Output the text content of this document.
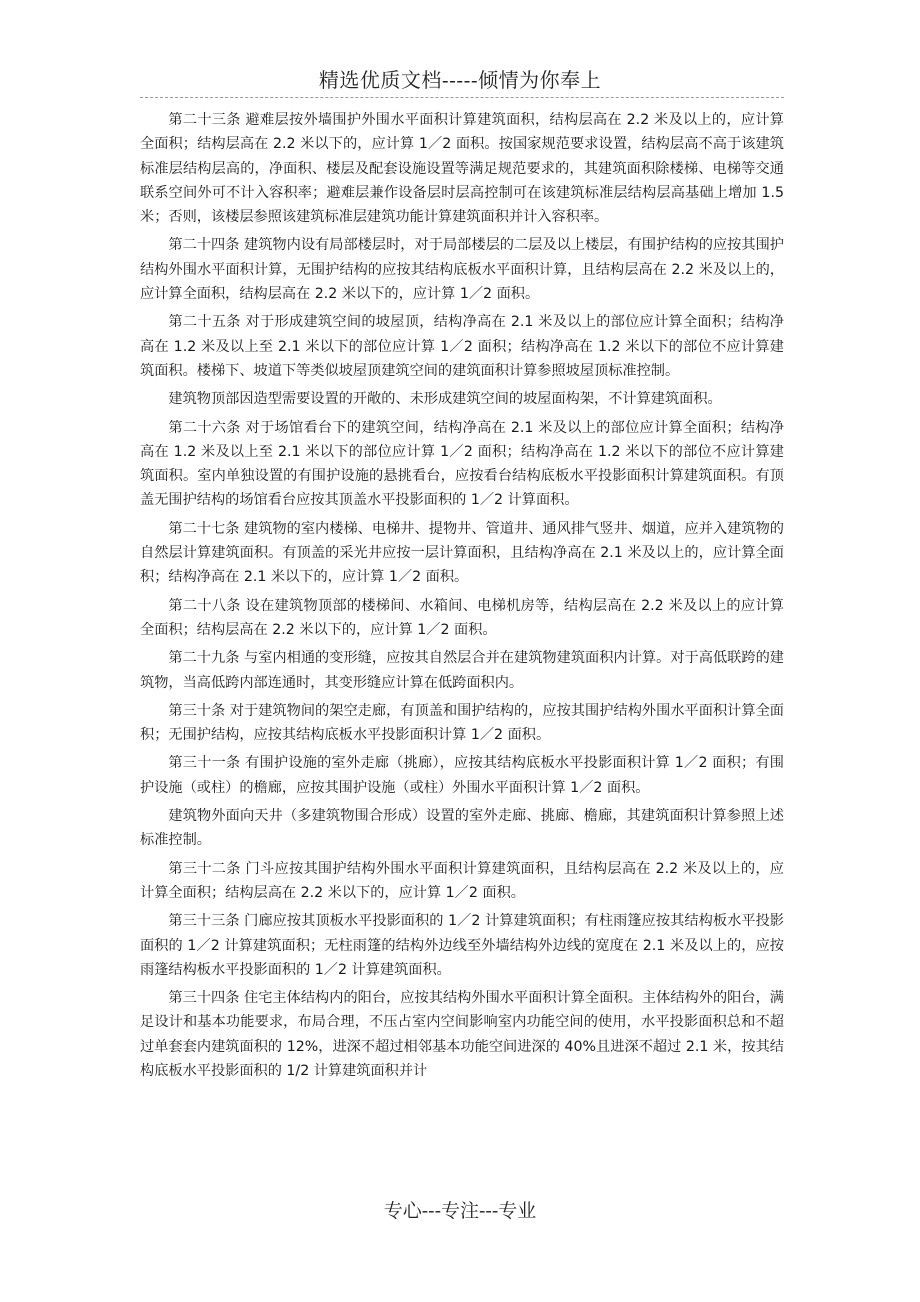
精选优质文档-----倾情为你奉上

第二十三条 避难层按外墙围护外围水平面积计算建筑面积，结构层高在 2.2 米及以上的，应计算全面积；结构层高在 2.2 米以下的，应计算 1／2 面积。按国家规范要求设置，结构层高不高于该建筑标准层结构层高的，净面积、楼层及配套设施设置等满足规范要求的，其建筑面积除楼梯、电梯等交通联系空间外可不计入容积率；避难层兼作设备层时层高控制可在该建筑标准层结构层高基础上增加 1.5 米；否则，该楼层参照该建筑标准层建筑功能计算建筑面积并计入容积率。

第二十四条 建筑物内设有局部楼层时，对于局部楼层的二层及以上楼层，有围护结构的应按其围护结构外围水平面积计算，无围护结构的应按其结构底板水平面积计算，且结构层高在 2.2 米及以上的，应计算全面积，结构层高在 2.2 米以下的，应计算 1／2 面积。

第二十五条 对于形成建筑空间的坡屋顶，结构净高在 2.1 米及以上的部位应计算全面积；结构净高在 1.2 米及以上至 2.1 米以下的部位应计算 1／2 面积；结构净高在 1.2 米以下的部位不应计算建筑面积。楼梯下、坡道下等类似坡屋顶建筑空间的建筑面积计算参照坡屋顶标准控制。

建筑物顶部因造型需要设置的开敞的、未形成建筑空间的坡屋面构架，不计算建筑面积。

第二十六条 对于场馆看台下的建筑空间，结构净高在 2.1 米及以上的部位应计算全面积；结构净高在 1.2 米及以上至 2.1 米以下的部位应计算 1／2 面积；结构净高在 1.2 米以下的部位不应计算建筑面积。室内单独设置的有围护设施的悬挑看台，应按看台结构底板水平投影面积计算建筑面积。有顶盖无围护结构的场馆看台应按其顶盖水平投影面积的 1／2 计算面积。

第二十七条 建筑物的室内楼梯、电梯井、提物井、管道井、通风排气竖井、烟道，应并入建筑物的自然层计算建筑面积。有顶盖的采光井应按一层计算面积，且结构净高在 2.1 米及以上的，应计算全面积；结构净高在 2.1 米以下的，应计算 1／2 面积。

第二十八条 设在建筑物顶部的楼梯间、水箱间、电梯机房等，结构层高在 2.2 米及以上的应计算全面积；结构层高在 2.2 米以下的，应计算 1／2 面积。

第二十九条 与室内相通的变形缝，应按其自然层合并在建筑物建筑面积内计算。对于高低联跨的建筑物，当高低跨内部连通时，其变形缝应计算在低跨面积内。

第三十条 对于建筑物间的架空走廊，有顶盖和围护结构的，应按其围护结构外围水平面积计算全面积；无围护结构，应按其结构底板水平投影面积计算 1／2 面积。

第三十一条 有围护设施的室外走廊（挑廊），应按其结构底板水平投影面积计算 1／2 面积；有围护设施（或柱）的檐廊，应按其围护设施（或柱）外围水平面积计算 1／2 面积。

建筑物外面向天井（多建筑物围合形成）设置的室外走廊、挑廊、檐廊，其建筑面积计算参照上述标准控制。

第三十二条 门斗应按其围护结构外围水平面积计算建筑面积，且结构层高在 2.2 米及以上的，应计算全面积；结构层高在 2.2 米以下的，应计算 1／2 面积。

第三十三条 门廊应按其顶板水平投影面积的 1／2 计算建筑面积；有柱雨篷应按其结构板水平投影面积的 1／2 计算建筑面积；无柱雨篷的结构外边线至外墙结构外边线的宽度在 2.1 米及以上的，应按雨篷结构板水平投影面积的 1／2 计算建筑面积。

第三十四条 住宅主体结构内的阳台，应按其结构外围水平面积计算全面积。主体结构外的阳台，满足设计和基本功能要求，布局合理，不压占室内空间影响室内功能空间的使用，水平投影面积总和不超过单套套内建筑面积的 12%，进深不超过相邻基本功能空间进深的 40%且进深不超过 2.1 米，按其结构底板水平投影面积的 1/2 计算建筑面积并计

专心---专注---专业
